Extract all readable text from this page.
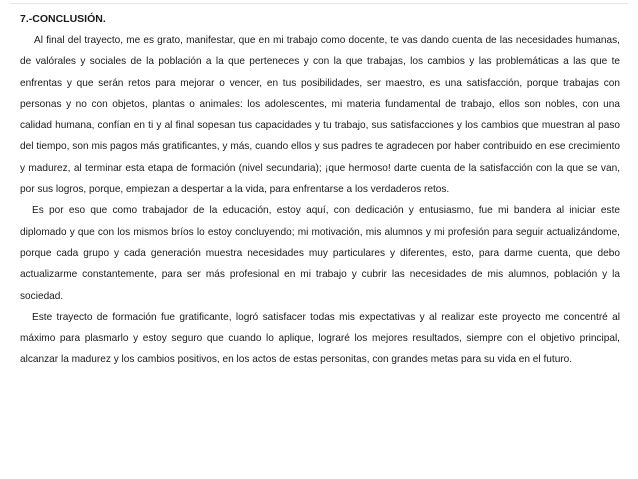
7.-CONCLUSIÓN.

Al final del trayecto, me es grato, manifestar, que en mi trabajo como docente, te vas dando cuenta de las necesidades humanas, de valórales y sociales de la población a la que perteneces y con la que trabajas, los cambios y las problemáticas a las que te enfrentas y que serán retos para mejorar o vencer, en tus posibilidades, ser maestro, es una satisfacción, porque trabajas con personas y no con objetos, plantas o animales: los adolescentes, mi materia fundamental de trabajo, ellos son nobles, con una calidad humana, confían en ti y al final sopesan tus capacidades y tu trabajo, sus satisfacciones y los cambios que muestran al paso del tiempo, son mis pagos más gratificantes, y más, cuando ellos y sus padres te agradecen por haber contribuido en ese crecimiento y madurez, al terminar esta etapa de formación (nivel secundaria); ¡que hermoso! darte cuenta de la satisfacción con la que se van, por sus logros, porque, empiezan a despertar a la vida, para enfrentarse a los verdaderos retos.

Es por eso que como trabajador de la educación, estoy aquí, con dedicación y entusiasmo, fue mi bandera al iniciar este diplomado y que con los mismos bríos lo estoy concluyendo; mi motivación, mis alumnos y mi profesión para seguir actualizándome, porque cada grupo y cada generación muestra necesidades muy particulares y diferentes, esto, para darme cuenta, que debo actualizarme constantemente, para ser más profesional en mi trabajo y cubrir las necesidades de mis alumnos, población y la sociedad.

Este trayecto de formación fue gratificante, logró satisfacer todas mis expectativas y al realizar este proyecto me concentré al máximo para plasmarlo y estoy seguro que cuando lo aplique, lograré los mejores resultados, siempre con el objetivo principal, alcanzar la madurez y los cambios positivos, en los actos de estas personitas, con grandes metas para su vida en el futuro.
